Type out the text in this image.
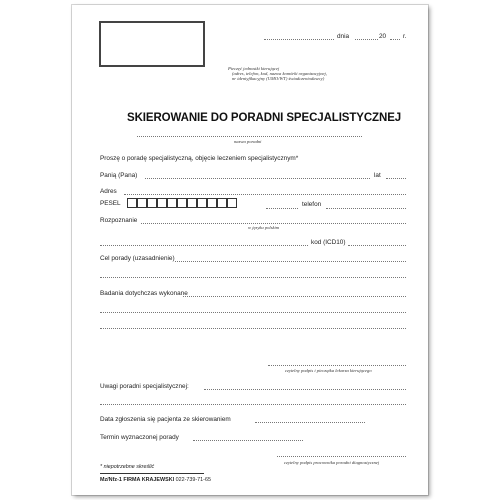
dnia	20	r.
Pieczęć jednostki kierującej
(adres, telefon, kod, nazwa komórki organizacyjnej,
nr identyfikacyjny (UMO/WT) świadczeniodawcy)
SKIEROWANIE DO PORADNI SPECJALISTYCZNEJ
nazwa poradni
Proszę o poradę specjalistyczną, objęcie leczeniem specjalistycznym*
Panią (Pana)	lat
Adres
PESEL	telefon
Rozpoznanie
w języku polskim
kod (ICD10)
Cel porady (uzasadnienie)
Badania dotychczas wykonane
czytelny podpis i pieczątka lekarza kierującego
Uwagi poradni specjalistycznej:
Data zgłoszenia się pacjenta ze skierowaniem
Termin wyznaczonej porady
czytelny podpis pracownika poradni diagnostycznej
* niepotrzebne skreślić
Mz/Nfz-1 FIRMA KRAJEWSKI 022-739-71-65
